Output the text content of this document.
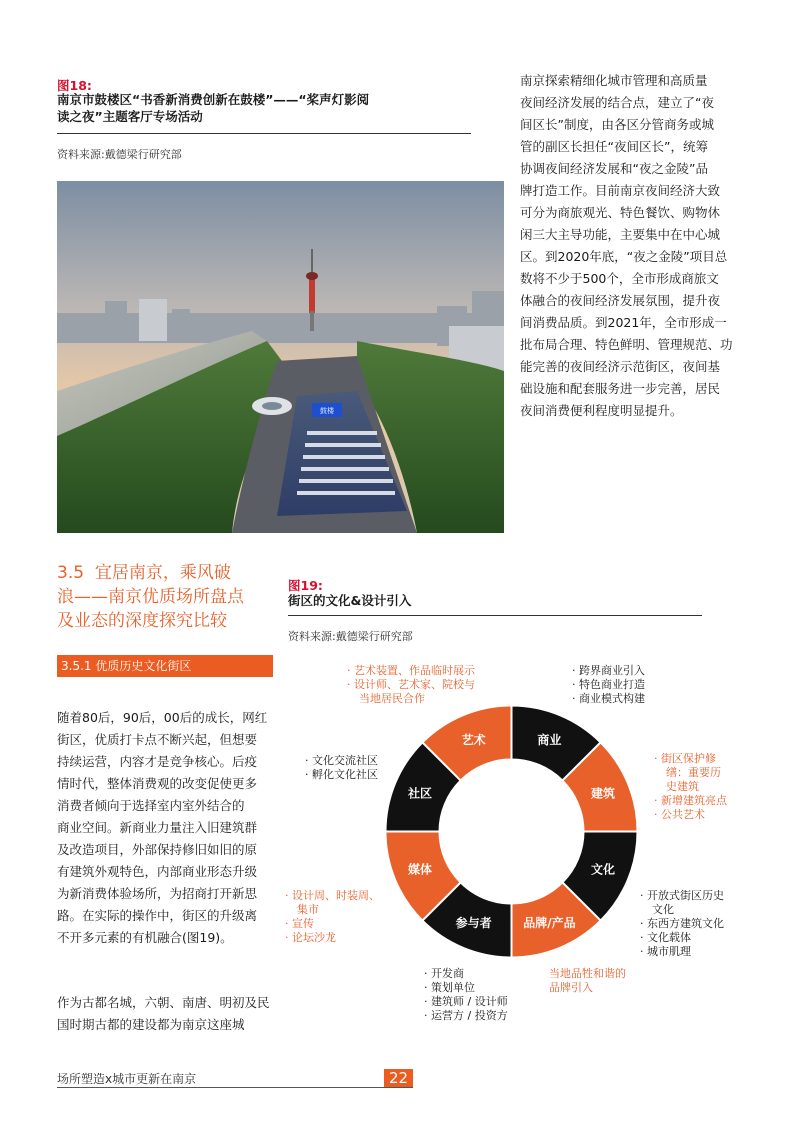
图18:
南京市鼓楼区“书香新消费创新在鼓楼”——“桨声灯影阅
读之夜”主题客厅专场活动
资料来源:戴德梁行研究部
鼓楼
南京探索精细化城市管理和高质量
夜间经济发展的结合点，建立了“夜
间区长”制度，由各区分管商务或城
管的副区长担任“夜间区长”，统筹
协调夜间经济发展和“夜之金陵”品
牌打造工作。目前南京夜间经济大致
可分为商旅观光、特色餐饮、购物休
闲三大主导功能，主要集中在中心城
区。到2020年底，“夜之金陵”项目总
数将不少于500个，全市形成商旅文
体融合的夜间经济发展氛围，提升夜
间消费品质。到2021年，全市形成一
批布局合理、特色鲜明、管理规范、功
能完善的夜间经济示范街区，夜间基
础设施和配套服务进一步完善，居民
夜间消费便利程度明显提升。
3.5 宜居南京，乘风破
浪——南京优质场所盘点
及业态的深度探究比较
3.5.1 优质历史文化街区
随着80后，90后，00后的成长，网红
街区，优质打卡点不断兴起，但想要
持续运营，内容才是竞争核心。后疫
情时代，整体消费观的改变促使更多
消费者倾向于选择室内室外结合的
商业空间。新商业力量注入旧建筑群
及改造项目，外部保持修旧如旧的原
有建筑外观特色，内部商业形态升级
为新消费体验场所，为招商打开新思
路。在实际的操作中，街区的升级离
不开多元素的有机融合(图19)。
作为古都名城，六朝、南唐、明初及民
国时期古都的建设都为南京这座城
图19:
街区的文化&设计引入
资料来源:戴德梁行研究部
艺术	商业
建筑
文化
品牌/产品
参与者
媒体
社区
· 艺术装置、作品临时展示
· 设计师、艺术家、院校与
当地居民合作
· 跨界商业引入
· 特色商业打造
· 商业模式构建
· 街区保护修
缮：重要历
史建筑
· 新增建筑亮点
· 公共艺术
· 文化交流社区
· 孵化文化社区
· 开放式街区历史
文化
· 东西方建筑文化
· 文化载体
· 城市肌理
· 设计周、时装周、
集市
· 宣传
· 论坛沙龙
当地品牲和谐的
品牌引入
· 开发商
· 策划单位
· 建筑师 / 设计师
· 运营方 / 投资方
场所塑造x城市更新在南京	22
